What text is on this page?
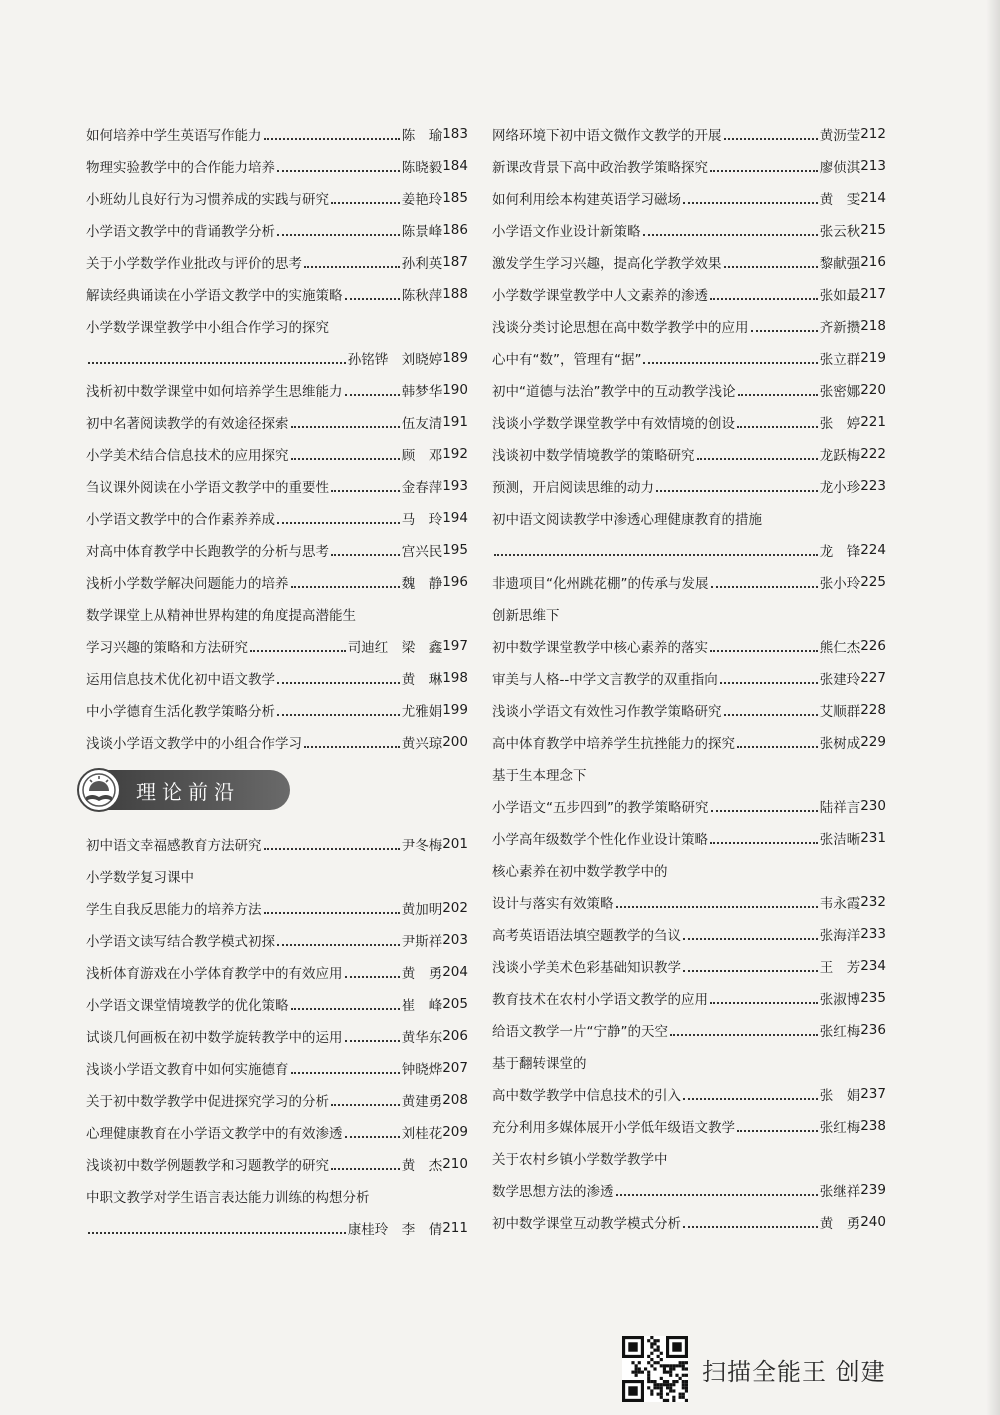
如何培养中学生英语写作能力	陈　瑜 183
物理实验教学中的合作能力培养	陈晓毅 184
小班幼儿良好行为习惯养成的实践与研究	姜艳玲 185
小学语文教学中的背诵教学分析	陈景峰 186
关于小学数学作业批改与评价的思考	孙利英 187
解读经典诵读在小学语文教学中的实施策略	陈秋萍 188
小学数学课堂教学中小组合作学习的探究
孙铭铧　刘晓婷 189
浅析初中数学课堂中如何培养学生思维能力	韩梦华 190
初中名著阅读教学的有效途径探索	伍友清 191
小学美术结合信息技术的应用探究	顾　邓 192
刍议课外阅读在小学语文教学中的重要性	金春萍 193
小学语文教学中的合作素养养成	马　玲 194
对高中体育教学中长跑教学的分析与思考	宫兴民 195
浅析小学数学解决问题能力的培养	魏　静 196
数学课堂上从精神世界构建的角度提高潜能生
学习兴趣的策略和方法研究	司迪红　梁　鑫 197
运用信息技术优化初中语文教学	黄　琳 198
中小学德育生活化教学策略分析	尤雅娟 199
浅谈小学语文教学中的小组合作学习	黄兴琼 200
理论前沿
初中语文幸福感教育方法研究	尹冬梅 201
小学数学复习课中
学生自我反思能力的培养方法	黄加明 202
小学语文读写结合教学模式初探	尹斯祥 203
浅析体育游戏在小学体育教学中的有效应用	黄　勇 204
小学语文课堂情境教学的优化策略	崔　峰 205
试谈几何画板在初中数学旋转教学中的运用	黄华东 206
浅谈小学语文教育中如何实施德育	钟晓烨 207
关于初中数学教学中促进探究学习的分析	黄建勇 208
心理健康教育在小学语文教学中的有效渗透	刘桂花 209
浅谈初中数学例题教学和习题教学的研究	黄　杰 210
中职文教学对学生语言表达能力训练的构想分析
康桂玲　李　倩 211
网络环境下初中语文微作文教学的开展	黄沥莹 212
新课改背景下高中政治教学策略探究	廖侦淇 213
如何利用绘本构建英语学习磁场	黄　雯 214
小学语文作业设计新策略	张云秋 215
激发学生学习兴趣，提高化学教学效果	黎献强 216
小学数学课堂教学中人文素养的渗透	张如最 217
浅谈分类讨论思想在高中数学教学中的应用	齐新攒 218
心中有“数”，管理有“据”	张立群 219
初中“道德与法治”教学中的互动教学浅论	张密娜 220
浅谈小学数学课堂教学中有效情境的创设	张　婷 221
浅谈初中数学情境教学的策略研究	龙跃梅 222
预测，开启阅读思维的动力	龙小珍 223
初中语文阅读教学中渗透心理健康教育的措施
龙　锋 224
非遗项目“化州跳花棚”的传承与发展	张小玲 225
创新思维下
初中数学课堂教学中核心素养的落实	熊仁杰 226
审美与人格--中学文言教学的双重指向	张建玲 227
浅谈小学语文有效性习作教学策略研究	艾顺群 228
高中体育教学中培养学生抗挫能力的探究	张树成 229
基于生本理念下
小学语文“五步四到”的教学策略研究	陆祥言 230
小学高年级数学个性化作业设计策略	张洁晰 231
核心素养在初中数学教学中的
设计与落实有效策略	韦永霞 232
高考英语语法填空题教学的刍议	张海洋 233
浅谈小学美术色彩基础知识教学	王　芳 234
教育技术在农村小学语文教学的应用	张淑博 235
给语文教学一片“宁静”的天空	张红梅 236
基于翻转课堂的
高中数学教学中信息技术的引入	张　娟 237
充分利用多媒体展开小学低年级语文教学	张红梅 238
关于农村乡镇小学数学教学中
数学思想方法的渗透	张继祥 239
初中数学课堂互动教学模式分析	黄　勇 240
扫描全能王 创建
